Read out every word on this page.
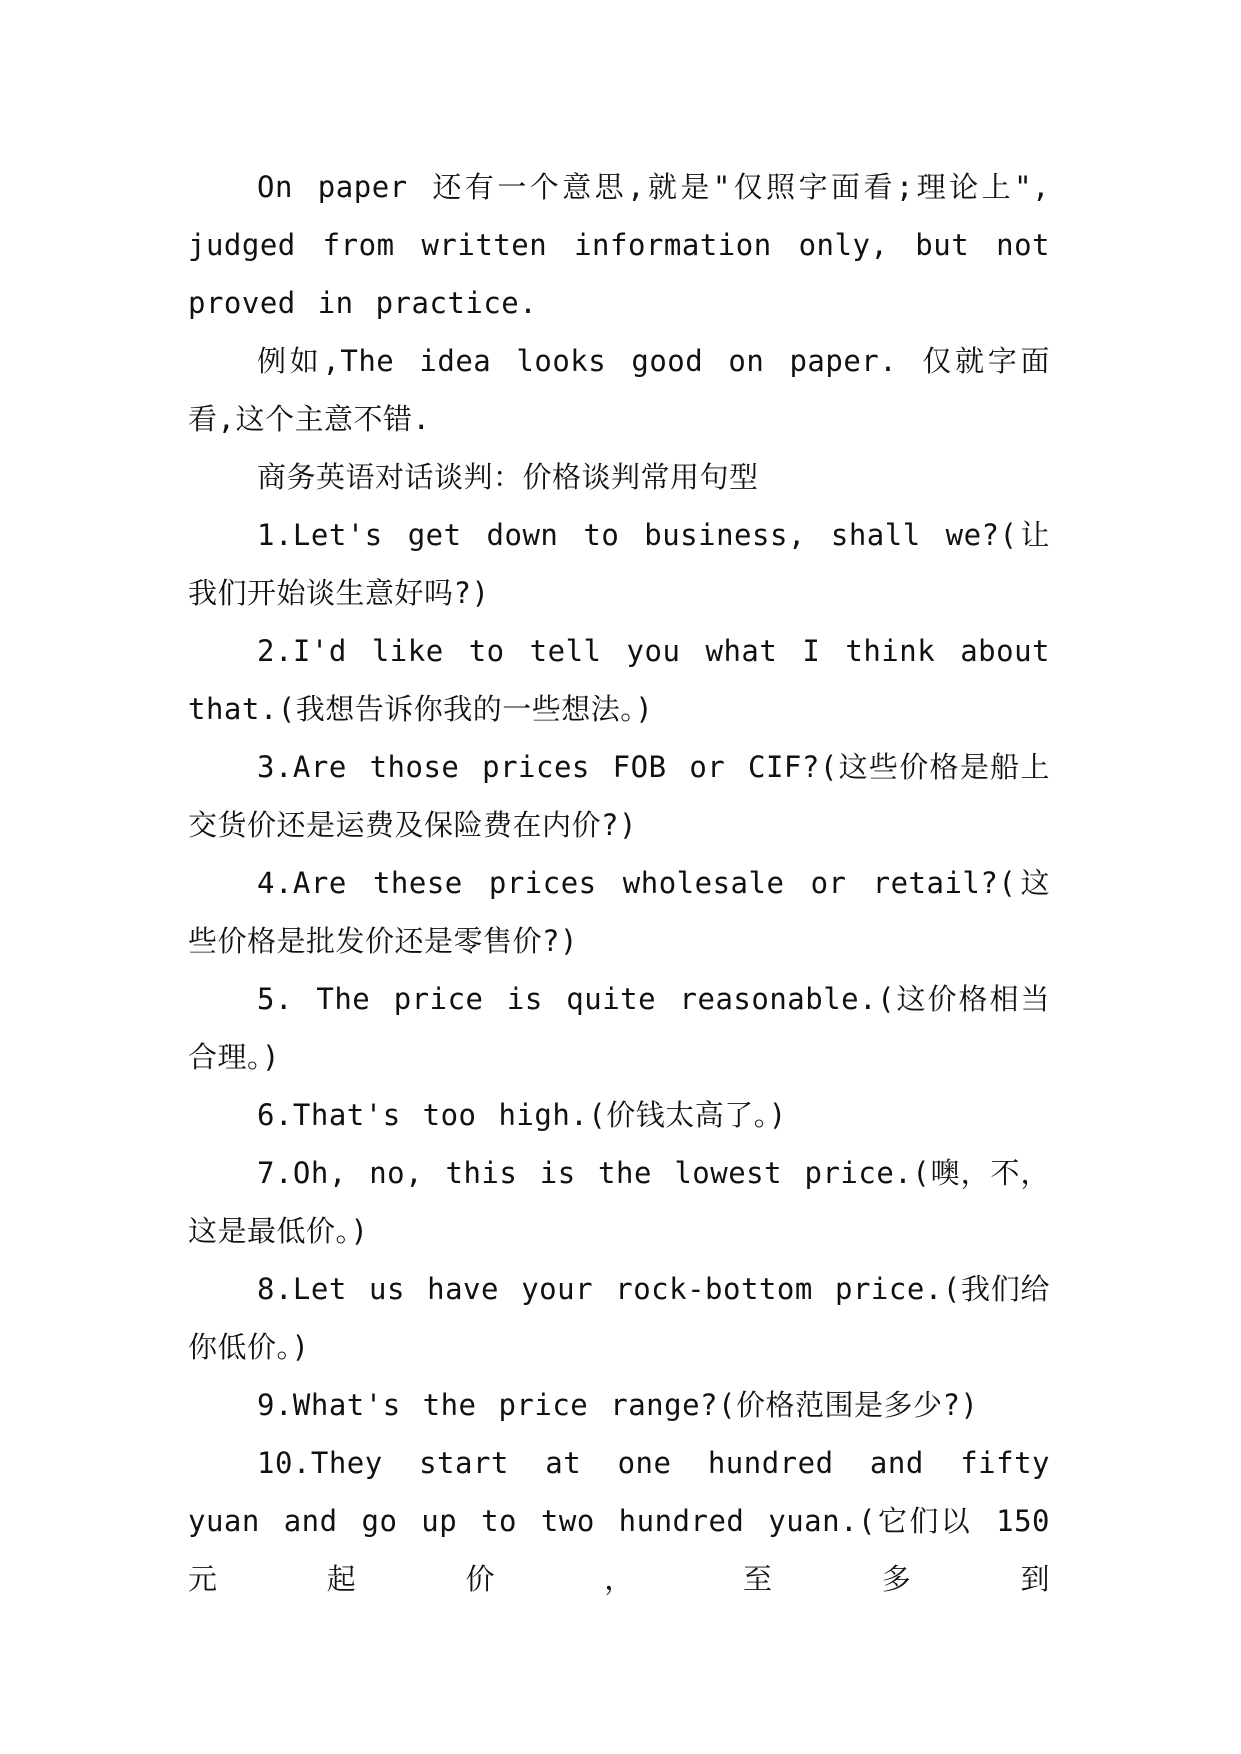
On paper 还有一个意思,就是"仅照字面看;理论上", judged from written information only, but not proved in practice.

例如,The idea looks good on paper. 仅就字面看,这个主意不错.

商务英语对话谈判：价格谈判常用句型

1.Let's get down to business, shall we?(让我们开始谈生意好吗?)

2.I'd like to tell you what I think about that.(我想告诉你我的一些想法。)

3.Are those prices FOB or CIF?(这些价格是船上交货价还是运费及保险费在内价?)

4.Are these prices wholesale or retail?(这些价格是批发价还是零售价?)

5. The price is quite reasonable.(这价格相当合理。)

6.That's too high.(价钱太高了。)

7.Oh, no, this is the lowest price.(噢，不，这是最低价。)

8.Let us have your rock-bottom price.(我们给你低价。)

9.What's the price range?(价格范围是多少?)

10.They start at one hundred and fifty yuan and go up to two hundred yuan.(它们以 150 元起价，至多到
